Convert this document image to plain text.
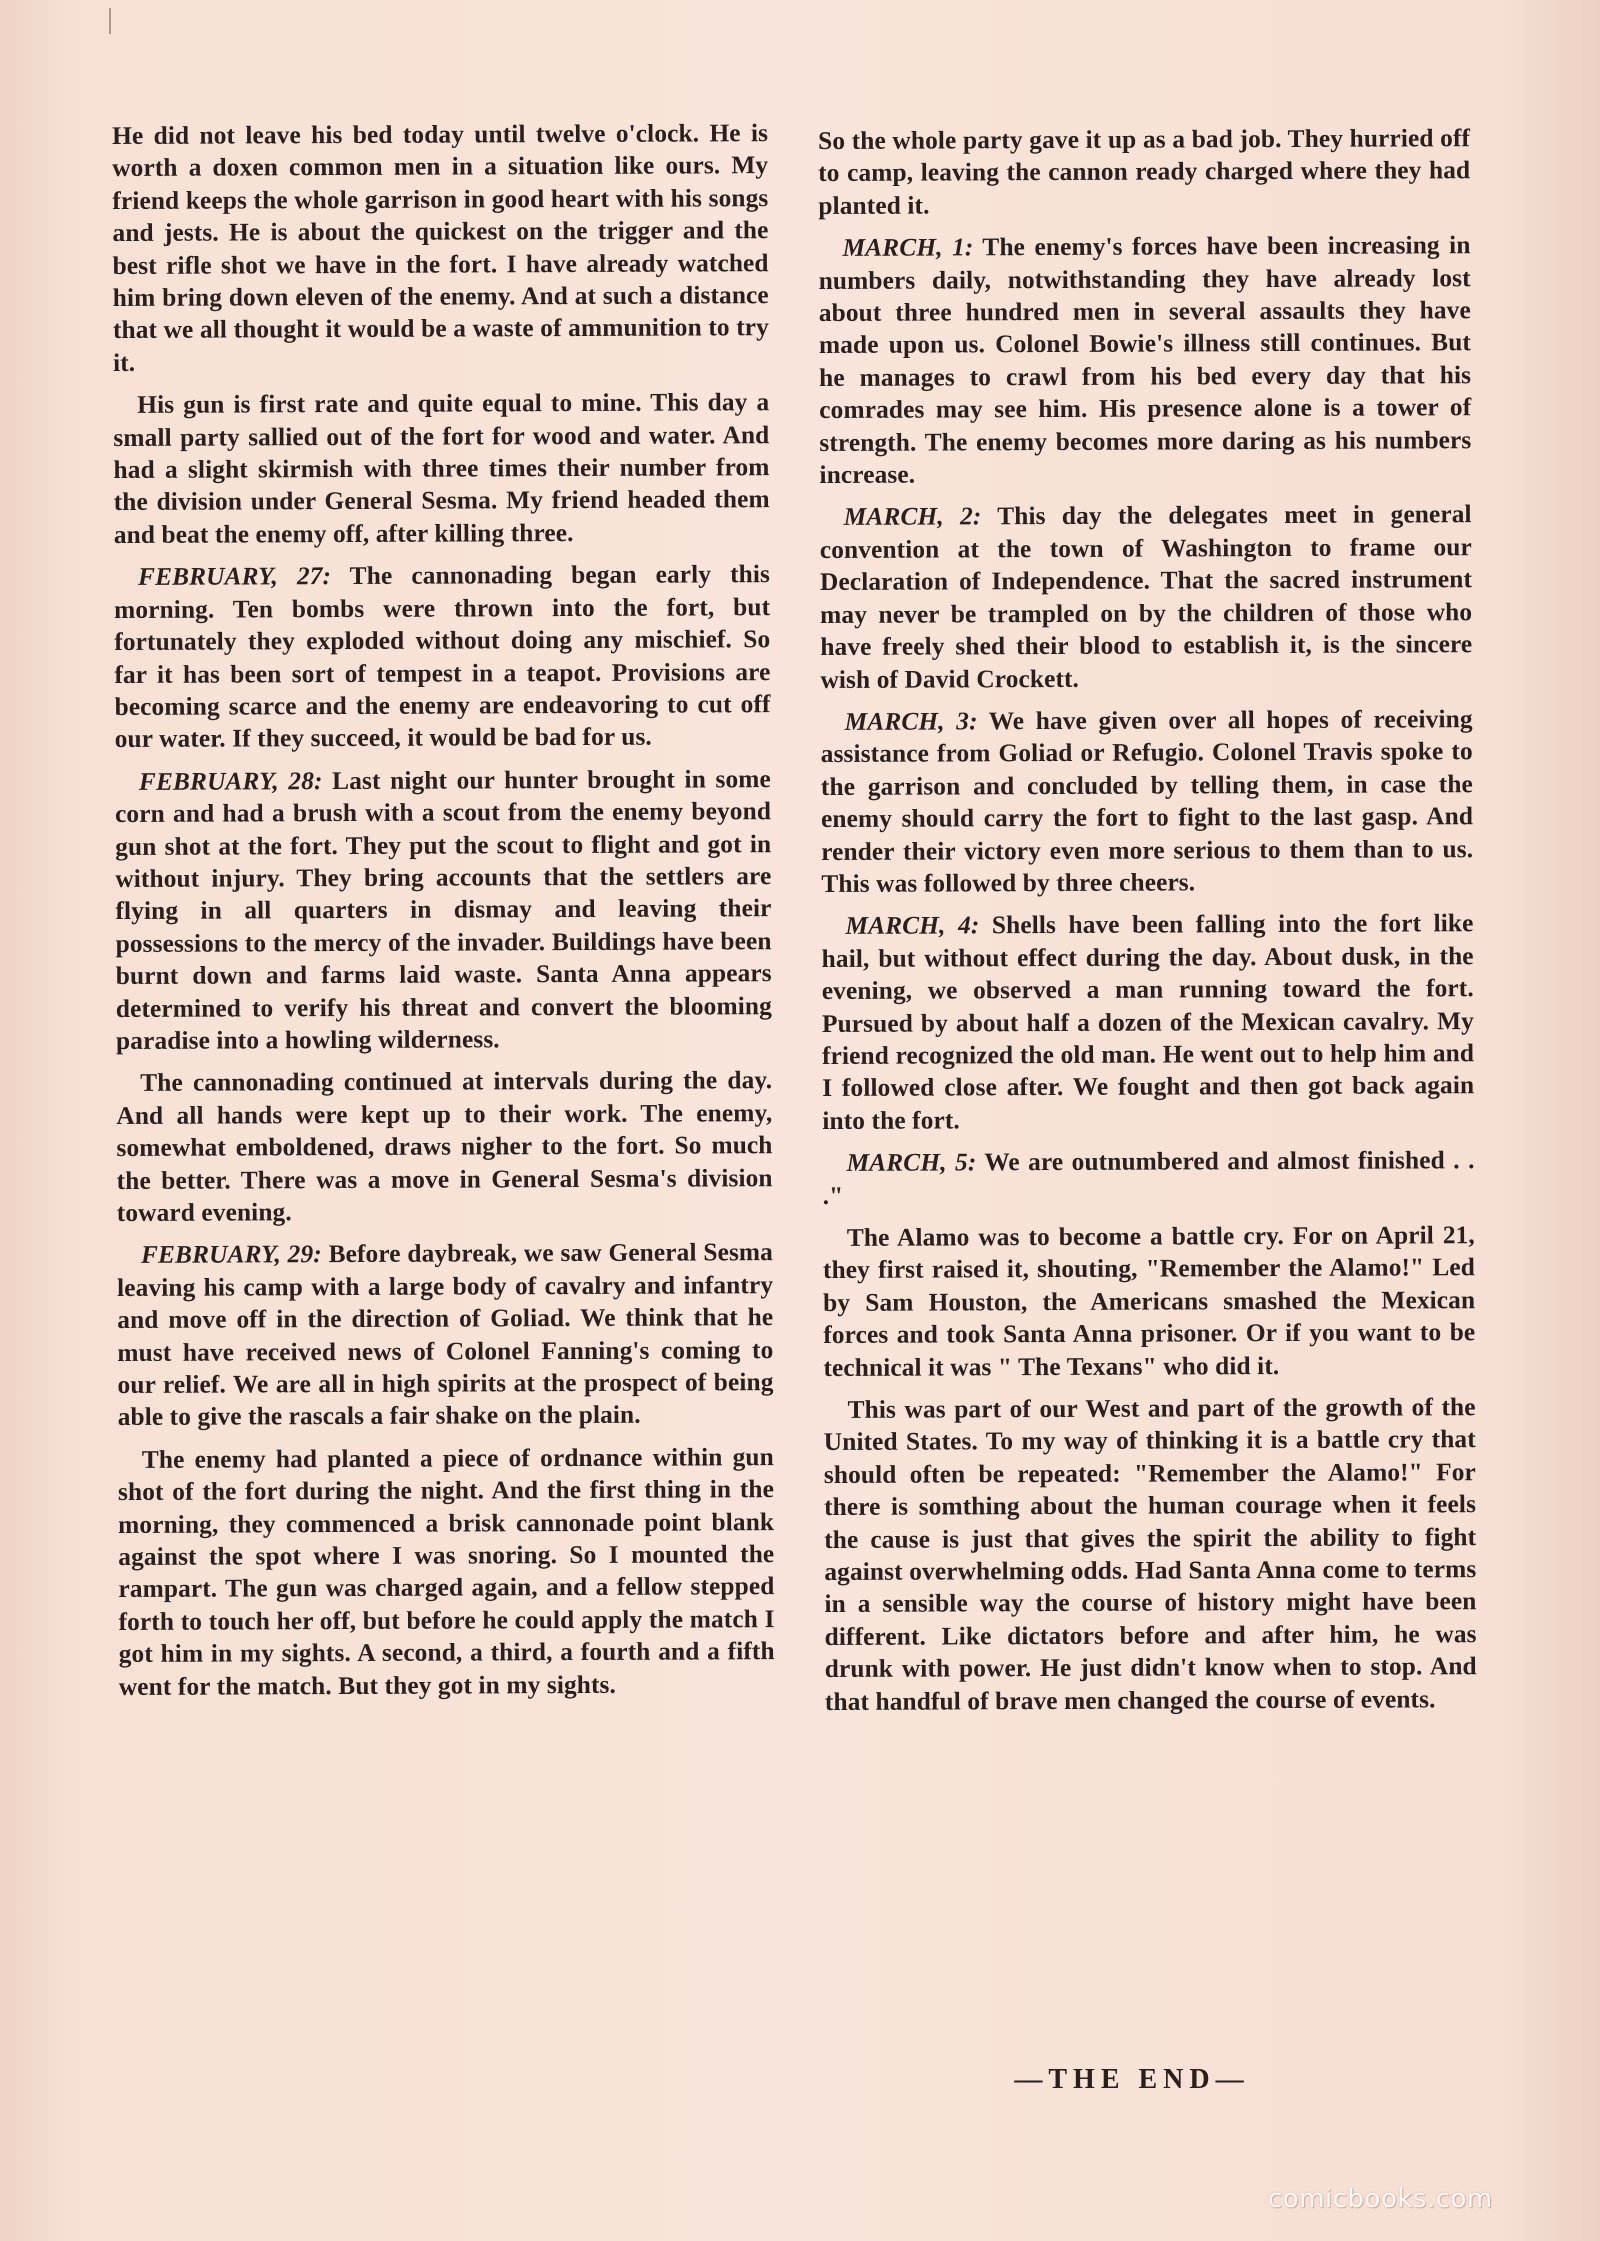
He did not leave his bed today until twelve o'clock. He is worth a doxen common men in a situation like ours. My friend keeps the whole garrison in good heart with his songs and jests. He is about the quickest on the trigger and the best rifle shot we have in the fort. I have already watched him bring down eleven of the enemy. And at such a distance that we all thought it would be a waste of ammunition to try it.

His gun is first rate and quite equal to mine. This day a small party sallied out of the fort for wood and water. And had a slight skirmish with three times their number from the division under General Sesma. My friend headed them and beat the enemy off, after killing three.

FEBRUARY, 27: The cannonading began early this morning. Ten bombs were thrown into the fort, but fortunately they exploded without doing any mischief. So far it has been sort of tempest in a teapot. Provisions are becoming scarce and the enemy are endeavoring to cut off our water. If they succeed, it would be bad for us.

FEBRUARY, 28: Last night our hunter brought in some corn and had a brush with a scout from the enemy beyond gun shot at the fort. They put the scout to flight and got in without injury. They bring accounts that the settlers are flying in all quarters in dismay and leaving their possessions to the mercy of the invader. Buildings have been burnt down and farms laid waste. Santa Anna appears determined to verify his threat and convert the blooming paradise into a howling wilderness.

The cannonading continued at intervals during the day. And all hands were kept up to their work. The enemy, somewhat emboldened, draws nigher to the fort. So much the better. There was a move in General Sesma's division toward evening.

FEBRUARY, 29: Before daybreak, we saw General Sesma leaving his camp with a large body of cavalry and infantry and move off in the direction of Goliad. We think that he must have received news of Colonel Fanning's coming to our relief. We are all in high spirits at the prospect of being able to give the rascals a fair shake on the plain.

The enemy had planted a piece of ordnance within gun shot of the fort during the night. And the first thing in the morning, they commenced a brisk cannonade point blank against the spot where I was snoring. So I mounted the rampart. The gun was charged again, and a fellow stepped forth to touch her off, but before he could apply the match I got him in my sights. A second, a third, a fourth and a fifth went for the match. But they got in my sights.

So the whole party gave it up as a bad job. They hurried off to camp, leaving the cannon ready charged where they had planted it.

MARCH, 1: The enemy's forces have been increasing in numbers daily, notwithstanding they have already lost about three hundred men in several assaults they have made upon us. Colonel Bowie's illness still continues. But he manages to crawl from his bed every day that his comrades may see him. His presence alone is a tower of strength. The enemy becomes more daring as his numbers increase.

MARCH, 2: This day the delegates meet in general convention at the town of Washington to frame our Declaration of Independence. That the sacred instrument may never be trampled on by the children of those who have freely shed their blood to establish it, is the sincere wish of David Crockett.

MARCH, 3: We have given over all hopes of receiving assistance from Goliad or Refugio. Colonel Travis spoke to the garrison and concluded by telling them, in case the enemy should carry the fort to fight to the last gasp. And render their victory even more serious to them than to us. This was followed by three cheers.

MARCH, 4: Shells have been falling into the fort like hail, but without effect during the day. About dusk, in the evening, we observed a man running toward the fort. Pursued by about half a dozen of the Mexican cavalry. My friend recognized the old man. He went out to help him and I followed close after. We fought and then got back again into the fort.

MARCH, 5: We are outnumbered and almost finished . . ."

The Alamo was to become a battle cry. For on April 21, they first raised it, shouting, "Remember the Alamo!" Led by Sam Houston, the Americans smashed the Mexican forces and took Santa Anna prisoner. Or if you want to be technical it was " The Texans" who did it.

This was part of our West and part of the growth of the United States. To my way of thinking it is a battle cry that should often be repeated: "Remember the Alamo!" For there is somthing about the human courage when it feels the cause is just that gives the spirit the ability to fight against overwhelming odds. Had Santa Anna come to terms in a sensible way the course of history might have been different. Like dictators before and after him, he was drunk with power. He just didn't know when to stop. And that handful of brave men changed the course of events.

—THE END—
comicbooks.com
